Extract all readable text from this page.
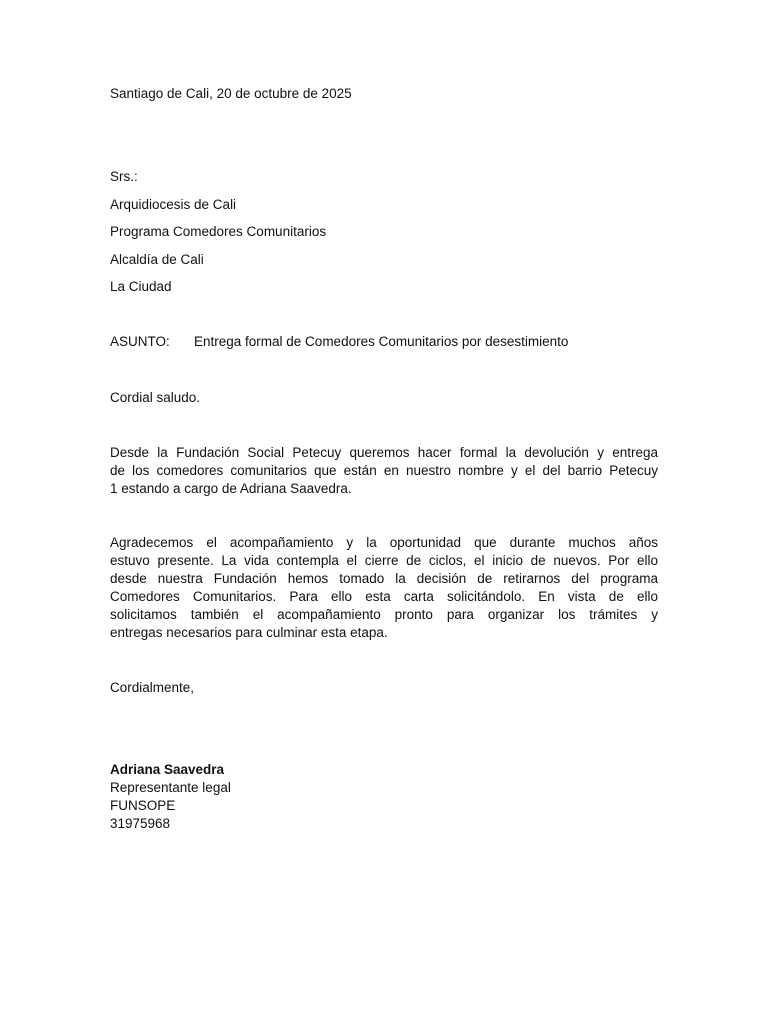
Santiago de Cali, 20 de octubre de 2025

Srs.:
Arquidiocesis de Cali
Programa Comedores Comunitarios
Alcaldía de Cali
La Ciudad

ASUNTO: Entrega formal de Comedores Comunitarios por desestimiento

Cordial saludo.

Desde la Fundación Social Petecuy queremos hacer formal la devolución y entrega
de los comedores comunitarios que están en nuestro nombre y el del barrio Petecuy
1 estando a cargo de Adriana Saavedra.
Agradecemos el acompañamiento y la oportunidad que durante muchos años
estuvo presente. La vida contempla el cierre de ciclos, el inicio de nuevos. Por ello
desde nuestra Fundación hemos tomado la decisión de retirarnos del programa
Comedores Comunitarios. Para ello esta carta solicitándolo. En vista de ello
solicitamos también el acompañamiento pronto para organizar los trámites y
entregas necesarios para culminar esta etapa.

Cordialmente,

Adriana Saavedra
Representante legal
FUNSOPE
31975968
